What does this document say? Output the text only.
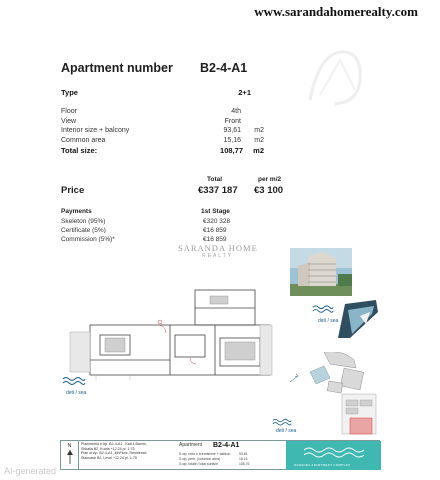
www.sarandahomerealty.com
Apartment number B2-4-A1
Type	2+1
Floor	4th
View	Front
Interior size + balcony	93,61 m2
Common area	15,16 m2
Total size:	108,77 m2
Total	per m/2
Price	€337 187 €3 100
Payments	1st Stage
Skeleton (95%)	€320 328
Certificate (5%)	€16 859
Commission (5%)*	€16 859
SARANDA HOME
REALTY
deti / sea
deti / sea
deti / sea
N	Planimetria e Ap. B2-4-A1 , Kati 4.Banim,
Shkalla B2, Kuota +12.24 pl. 1:75
Plan of Ap. B2-4-A1, 4thFloor, Residence,
Staircase B2, Level +12.24 pl. 1:75
Apartment B2-4-A1
S.sip. neto e brendshme + ballkon	93.61
S.sip. perb. (common area)	15.16
S.sip. totale / total surface	108.76	SARANDA APARTMENT COMPLEX
AI-generated
